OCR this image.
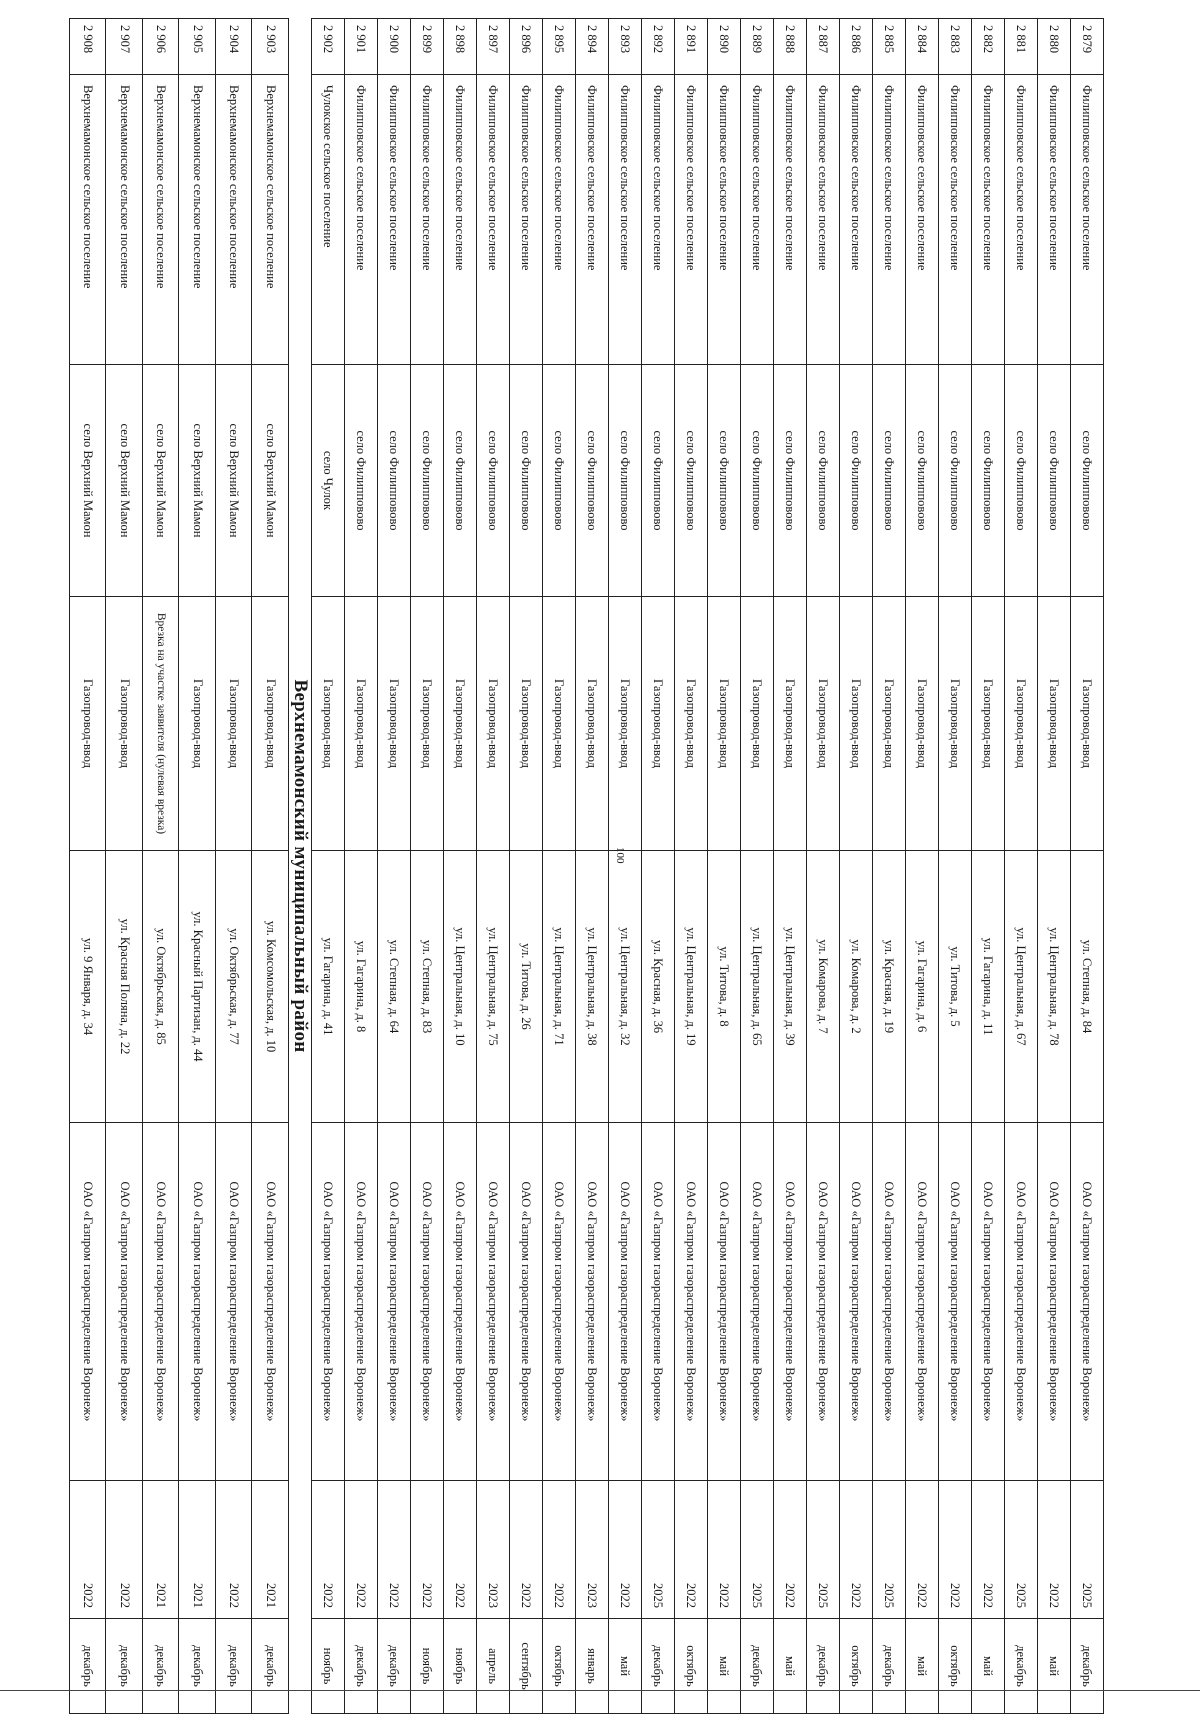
100
2 879	Филипповское сельское поселение	село Филипповово	Газопровод-ввод	ул. Степная, д. 84	ОАО «Газпром газораспределение Воронеж»	2025	декабрь
2 880	Филипповское сельское поселение	село Филипповово	Газопровод-ввод	ул. Центральная, д. 78	ОАО «Газпром газораспределение Воронеж»	2022	май
2 881	Филипповское сельское поселение	село Филипповово	Газопровод-ввод	ул. Центральная, д. 67	ОАО «Газпром газораспределение Воронеж»	2025	декабрь
2 882	Филипповское сельское поселение	село Филипповово	Газопровод-ввод	ул. Гагарина, д. 11	ОАО «Газпром газораспределение Воронеж»	2022	май
2 883	Филипповское сельское поселение	село Филипповово	Газопровод-ввод	ул. Титова, д. 5	ОАО «Газпром газораспределение Воронеж»	2022	октябрь
2 884	Филипповское сельское поселение	село Филипповово	Газопровод-ввод	ул. Гагарина, д. 6	ОАО «Газпром газораспределение Воронеж»	2022	май
2 885	Филипповское сельское поселение	село Филипповово	Газопровод-ввод	ул. Красная, д. 19	ОАО «Газпром газораспределение Воронеж»	2025	декабрь
2 886	Филипповское сельское поселение	село Филипповово	Газопровод-ввод	ул. Комарова, д. 2	ОАО «Газпром газораспределение Воронеж»	2022	октябрь
2 887	Филипповское сельское поселение	село Филипповово	Газопровод-ввод	ул. Комарова, д. 7	ОАО «Газпром газораспределение Воронеж»	2025	декабрь
2 888	Филипповское сельское поселение	село Филипповово	Газопровод-ввод	ул. Центральная, д. 39	ОАО «Газпром газораспределение Воронеж»	2022	май
2 889	Филипповское сельское поселение	село Филипповово	Газопровод-ввод	ул. Центральная, д. 65	ОАО «Газпром газораспределение Воронеж»	2025	декабрь
2 890	Филипповское сельское поселение	село Филипповово	Газопровод-ввод	ул. Титова, д. 8	ОАО «Газпром газораспределение Воронеж»	2022	май
2 891	Филипповское сельское поселение	село Филипповово	Газопровод-ввод	ул. Центральная, д. 19	ОАО «Газпром газораспределение Воронеж»	2022	октябрь
2 892	Филипповское сельское поселение	село Филипповово	Газопровод-ввод	ул. Красная, д. 36	ОАО «Газпром газораспределение Воронеж»	2025	декабрь
2 893	Филипповское сельское поселение	село Филипповово	Газопровод-ввод	ул. Центральная, д. 32	ОАО «Газпром газораспределение Воронеж»	2022	май
2 894	Филипповское сельское поселение	село Филипповово	Газопровод-ввод	ул. Центральная, д. 38	ОАО «Газпром газораспределение Воронеж»	2023	январь
2 895	Филипповское сельское поселение	село Филипповово	Газопровод-ввод	ул. Центральная, д. 71	ОАО «Газпром газораспределение Воронеж»	2022	октябрь
2 896	Филипповское сельское поселение	село Филипповово	Газопровод-ввод	ул. Титова, д. 26	ОАО «Газпром газораспределение Воронеж»	2022	сентябрь
2 897	Филипповское сельское поселение	село Филипповово	Газопровод-ввод	ул. Центральная, д. 75	ОАО «Газпром газораспределение Воронеж»	2023	апрель
2 898	Филипповское сельское поселение	село Филипповово	Газопровод-ввод	ул. Центральная, д. 10	ОАО «Газпром газораспределение Воронеж»	2022	ноябрь
2 899	Филипповское сельское поселение	село Филипповово	Газопровод-ввод	ул. Степная, д. 83	ОАО «Газпром газораспределение Воронеж»	2022	ноябрь
2 900	Филипповское сельское поселение	село Филипповово	Газопровод-ввод	ул. Степная, д. 64	ОАО «Газпром газораспределение Воронеж»	2022	декабрь
2 901	Филипповское сельское поселение	село Филипповово	Газопровод-ввод	ул. Гагарина, д. 8	ОАО «Газпром газораспределение Воронеж»	2022	декабрь
2 902	Чулокское сельское поселение	село Чулок	Газопровод-ввод	ул. Гагарина, д. 41	ОАО «Газпром газораспределение Воронеж»	2022	ноябрь
Верхнемамонский муниципальный район							
2 903	Верхнемамонское сельское поселение	село Верхний Мамон	Газопровод-ввод	ул. Комсомольская, д. 10	ОАО «Газпром газораспределение Воронеж»	2021	декабрь
2 904	Верхнемамонское сельское поселение	село Верхний Мамон	Газопровод-ввод	ул. Октябрьская, д. 77	ОАО «Газпром газораспределение Воронеж»	2022	декабрь
2 905	Верхнемамонское сельское поселение	село Верхний Мамон	Газопровод-ввод	ул. Красный Партизан, д. 44	ОАО «Газпром газораспределение Воронеж»	2021	декабрь
2 906	Верхнемамонское сельское поселение	село Верхний Мамон	Врезка на участке заявителя (нулевая врезка)	ул. Октябрьская, д. 85	ОАО «Газпром газораспределение Воронеж»	2021	декабрь
2 907	Верхнемамонское сельское поселение	село Верхний Мамон	Газопровод-ввод	ул. Красная Поляна, д. 22	ОАО «Газпром газораспределение Воронеж»	2022	декабрь
2 908	Верхнемамонское сельское поселение	село Верхний Мамон	Газопровод-ввод	ул. 9 Января, д. 34	ОАО «Газпром газораспределение Воронеж»	2022	декабрь
